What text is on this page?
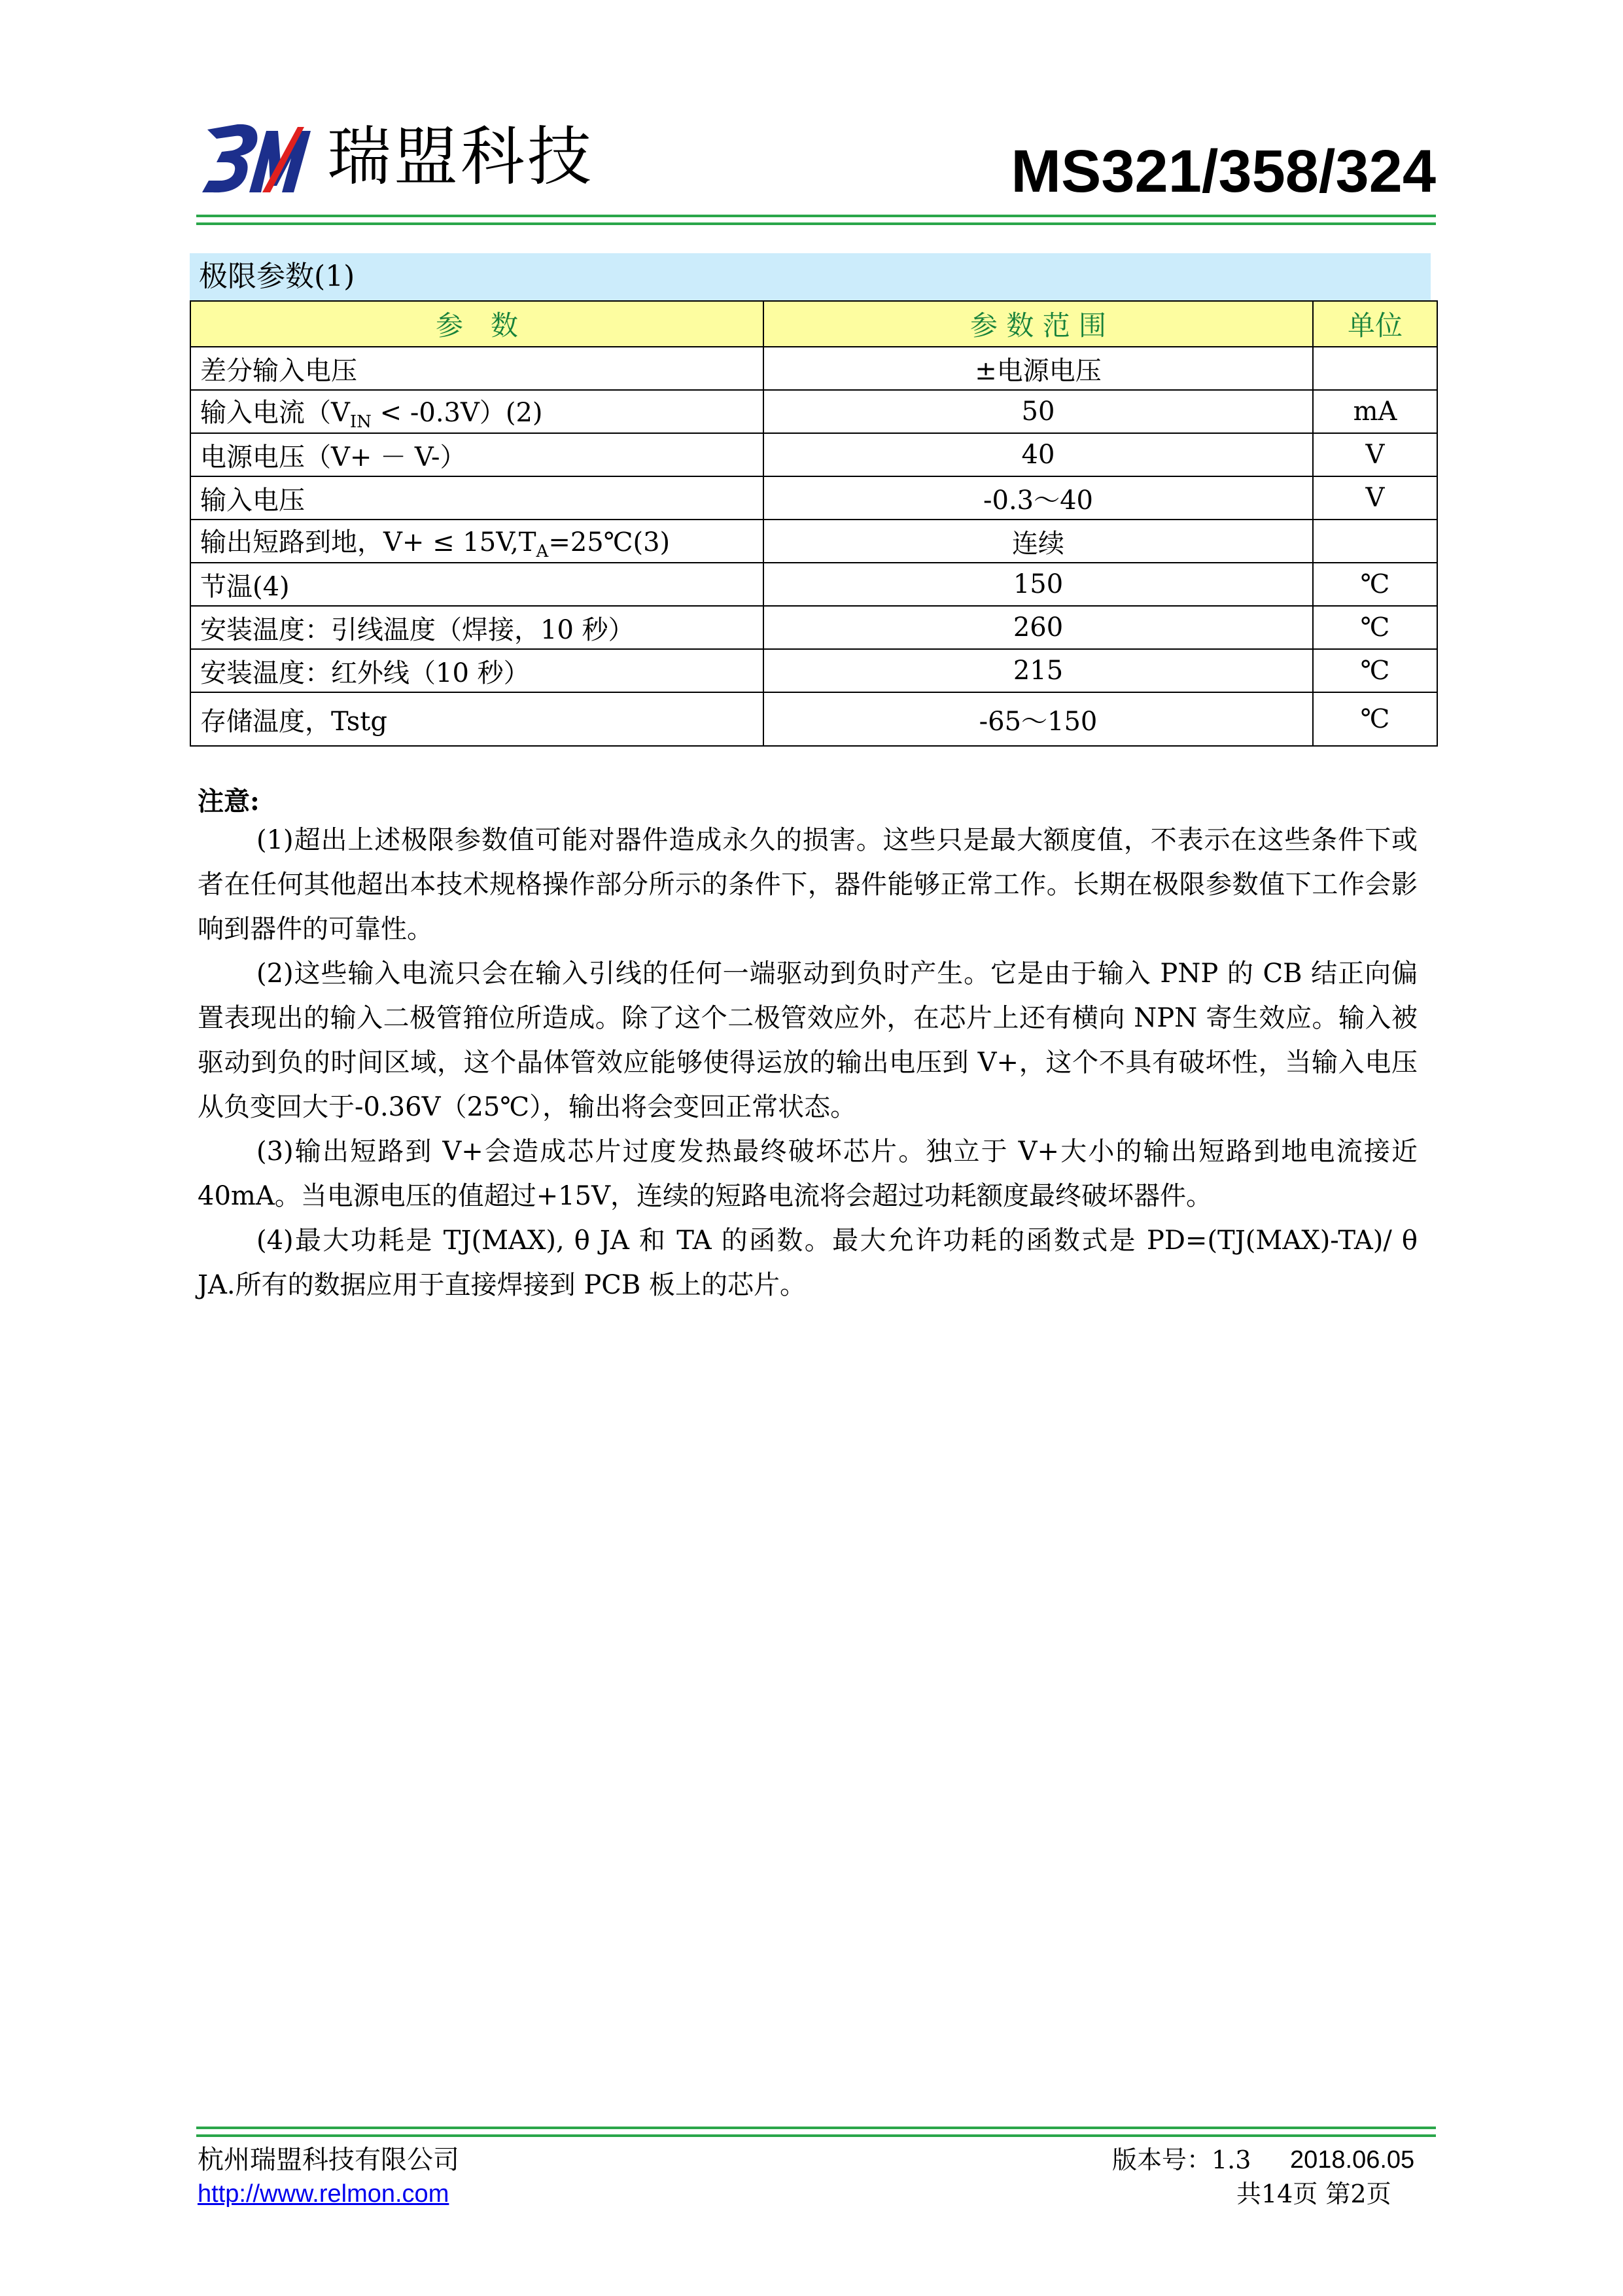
瑞盟科技	MS321/358/324
极限参数(1)
参　数	参 数 范 围	单位
差分输入电压	±电源电压	
输入电流$(V_{IN} < -0.3V)(2)$	50	mA
电源电压（V+ － V-）	40	V
输入电压	-0.3～40	V
输出短路到地，$V+ \le 15V,T_A=25℃(3)$	连续	
节温(4)	150	℃
安装温度：引线温度（焊接，10 秒）	260	℃
安装温度：红外线（10 秒）	215	℃
存储温度，Tstg	-65～150	℃
注意:

(1)超出上述极限参数值可能对器件造成永久的损害。这些只是最大额度值，不表示在这些条件下或者在任何其他超出本技术规格操作部分所示的条件下，器件能够正常工作。长期在极限参数值下工作会影响到器件的可靠性。

(2)这些输入电流只会在输入引线的任何一端驱动到负时产生。它是由于输入 PNP 的 CB 结正向偏置表现出的输入二极管箝位所造成。除了这个二极管效应外，在芯片上还有横向 NPN 寄生效应。输入被驱动到负的时间区域，这个晶体管效应能够使得运放的输出电压到 V+，这个不具有破坏性，当输入电压从负变回大于-0.36V（25℃），输出将会变回正常状态。

(3)输出短路到 V+会造成芯片过度发热最终破坏芯片。独立于 V+大小的输出短路到地电流接近 40mA。当电源电压的值超过+15V，连续的短路电流将会超过功耗额度最终破坏器件。

(4)最大功耗是 TJ(MAX), θ JA 和 TA 的函数。最大允许功耗的函数式是 PD=(TJ(MAX)-TA)/ θ JA.所有的数据应用于直接焊接到 PCB 板上的芯片。

杭州瑞盟科技有限公司
http://www.relmon.com
版本号：1.3 2018.06.05
共14页 第2页
